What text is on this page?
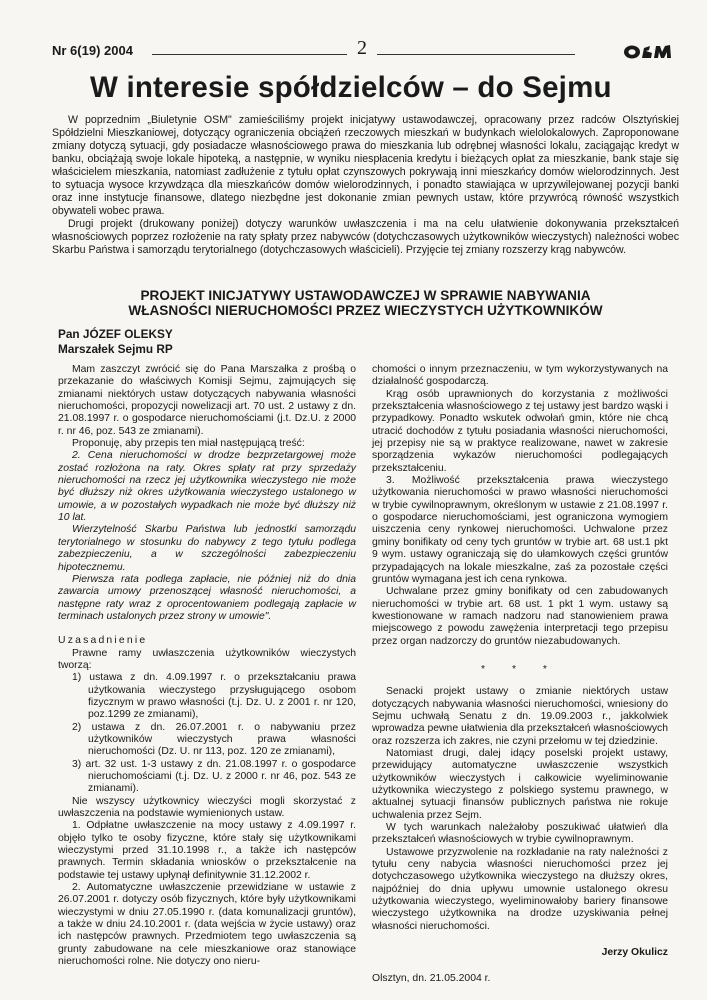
Nr 6(19) 2004	2
W interesie spółdzielców – do Sejmu

W poprzednim „Biuletynie OSM" zamieściliśmy projekt inicjatywy ustawodawczej, opracowany przez radców Olsztyńskiej Spółdzielni Mieszkaniowej, dotyczący ograniczenia obciążeń rzeczowych mieszkań w budynkach wielolokalowych. Zaproponowane zmiany dotyczą sytuacji, gdy posiadacze własnościowego prawa do mieszkania lub odrębnej własności lokalu, zaciągając kredyt w banku, obciążają swoje lokale hipoteką, a następnie, w wyniku niespłacenia kredytu i bieżących opłat za mieszkanie, bank staje się właścicielem mieszkania, natomiast zadłużenie z tytułu opłat czynszowych pokrywają inni mieszkańcy domów wielorodzinnych. Jest to sytuacja wysoce krzywdząca dla mieszkańców domów wielorodzinnych, i ponadto stawiająca w uprzywilejowanej pozycji banki oraz inne instytucje finansowe, dlatego niezbędne jest dokonanie zmian pewnych ustaw, które przywrócą równość wszystkich obywateli wobec prawa.

Drugi projekt (drukowany poniżej) dotyczy warunków uwłaszczenia i ma na celu ułatwienie dokonywania przekształceń własnościowych poprzez rozłożenie na raty spłaty przez nabywców (dotychczasowych użytkowników wieczystych) należności wobec Skarbu Państwa i samorządu terytorialnego (dotychczasowych właścicieli). Przyjęcie tej zmiany rozszerzy krąg nabywców.

PROJEKT INICJATYWY USTAWODAWCZEJ W SPRAWIE NABYWANIA
WŁASNOŚCI NIERUCHOMOŚCI PRZEZ WIECZYSTYCH UŻYTKOWNIKÓW
Pan JÓZEF OLEKSY
Marszałek Sejmu RP

Mam zaszczyt zwrócić się do Pana Marszałka z prośbą o przekazanie do właściwych Komisji Sejmu, zajmujących się zmianami niektórych ustaw dotyczących nabywania własności nieruchomości, propozycji nowelizacji art. 70 ust. 2 ustawy z dn. 21.08.1997 r. o gospodarce nieruchomościami (j.t. Dz.U. z 2000 r. nr 46, poz. 543 ze zmianami).

Proponuję, aby przepis ten miał następującą treść:

2. Cena nieruchomości w drodze bezprzetargowej może zostać rozłożona na raty. Okres spłaty rat przy sprzedaży nieruchomości na rzecz jej użytkownika wieczystego nie może być dłuższy niż okres użytkowania wieczystego ustalonego w umowie, a w pozostałych wypadkach nie może być dłuższy niż 10 lat.

Wierzytelność Skarbu Państwa lub jednostki samorządu terytorialnego w stosunku do nabywcy z tego tytułu podlega zabezpieczeniu, a w szczególności zabezpieczeniu hipotecznemu.

Pierwsza rata podlega zapłacie, nie później niż do dnia zawarcia umowy przenoszącej własność nieruchomości, a następne raty wraz z oprocentowaniem podlegają zapłacie w terminach ustalonych przez strony w umowie".

Uzasadnienie

Prawne ramy uwłaszczenia użytkowników wieczystych tworzą:

1) ustawa z dn. 4.09.1997 r. o przekształcaniu prawa użytkowania wieczystego przysługującego osobom fizycznym w prawo własności (t.j. Dz. U. z 2001 r. nr 120, poz.1299 ze zmianami),

2) ustawa z dn. 26.07.2001 r. o nabywaniu przez użytkowników wieczystych prawa własności nieruchomości (Dz. U. nr 113, poz. 120 ze zmianami),

3) art. 32 ust. 1-3 ustawy z dn. 21.08.1997 r. o gospodarce nieruchomościami (t.j. Dz. U. z 2000 r. nr 46, poz. 543 ze zmianami).

Nie wszyscy użytkownicy wieczyści mogli skorzystać z uwłaszczenia na podstawie wymienionych ustaw.

1. Odpłatne uwłaszczenie na mocy ustawy z 4.09.1997 r. objęło tylko te osoby fizyczne, które stały się użytkownikami wieczystymi przed 31.10.1998 r., a także ich następców prawnych. Termin składania wniosków o przekształcenie na podstawie tej ustawy upłynął definitywnie 31.12.2002 r.

2. Automatyczne uwłaszczenie przewidziane w ustawie z 26.07.2001 r. dotyczy osób fizycznych, które były użytkownikami wieczystymi w dniu 27.05.1990 r. (data komunalizacji gruntów), a także w dniu 24.10.2001 r. (data wejścia w życie ustawy) oraz ich następców prawnych. Przedmiotem tego uwłaszczenia są grunty zabudowane na cele mieszkaniowe oraz stanowiące nieruchomości rolne. Nie dotyczy ono nieru-

chomości o innym przeznaczeniu, w tym wykorzystywanych na działalność gospodarczą.

Krąg osób uprawnionych do korzystania z możliwości przekształcenia własnościowego z tej ustawy jest bardzo wąski i przypadkowy. Ponadto wskutek odwołań gmin, które nie chcą utracić dochodów z tytułu posiadania własności nieruchomości, jej przepisy nie są w praktyce realizowane, nawet w zakresie sporządzenia wykazów nieruchomości podlegających przekształceniu.

3. Możliwość przekształcenia prawa wieczystego użytkowania nieruchomości w prawo własności nieruchomości w trybie cywilnoprawnym, określonym w ustawie z 21.08.1997 r. o gospodarce nieruchomościami, jest ograniczona wymogiem uiszczenia ceny rynkowej nieruchomości. Uchwalone przez gminy bonifikaty od ceny tych gruntów w trybie art. 68 ust.1 pkt 9 wym. ustawy ograniczają się do ułamkowych części gruntów przypadających na lokale mieszkalne, zaś za pozostałe części gruntów wymagana jest ich cena rynkowa.

Uchwalane przez gminy bonifikaty od cen zabudowanych nieruchomości w trybie art. 68 ust. 1 pkt 1 wym. ustawy są kwestionowane w ramach nadzoru nad stanowieniem prawa miejscowego z powodu zawężenia interpretacji tego przepisu przez organ nadzorczy do gruntów niezabudowanych.

* * *

Senacki projekt ustawy o zmianie niektórych ustaw dotyczących nabywania własności nieruchomości, wniesiony do Sejmu uchwałą Senatu z dn. 19.09.2003 r., jakkolwiek wprowadza pewne ułatwienia dla przekształceń własnościowych oraz rozszerza ich zakres, nie czyni przełomu w tej dziedzinie.

Natomiast drugi, dalej idący poselski projekt ustawy, przewidujący automatyczne uwłaszczenie wszystkich użytkowników wieczystych i całkowicie wyeliminowanie użytkownika wieczystego z polskiego systemu prawnego, w aktualnej sytuacji finansów publicznych państwa nie rokuje uchwalenia przez Sejm.

W tych warunkach należałoby poszukiwać ułatwień dla przekształceń własnościowych w trybie cywilnoprawnym.

Ustawowe przyzwolenie na rozkładanie na raty należności z tytułu ceny nabycia własności nieruchomości przez jej dotychczasowego użytkownika wieczystego na dłuższy okres, najpóźniej do dnia upływu umownie ustalonego okresu użytkowania wieczystego, wyeliminowałoby bariery finansowe wieczystego użytkownika na drodze uzyskiwania pełnej własności nieruchomości.

Jerzy Okulicz

Olsztyn, dn. 21.05.2004 r.
